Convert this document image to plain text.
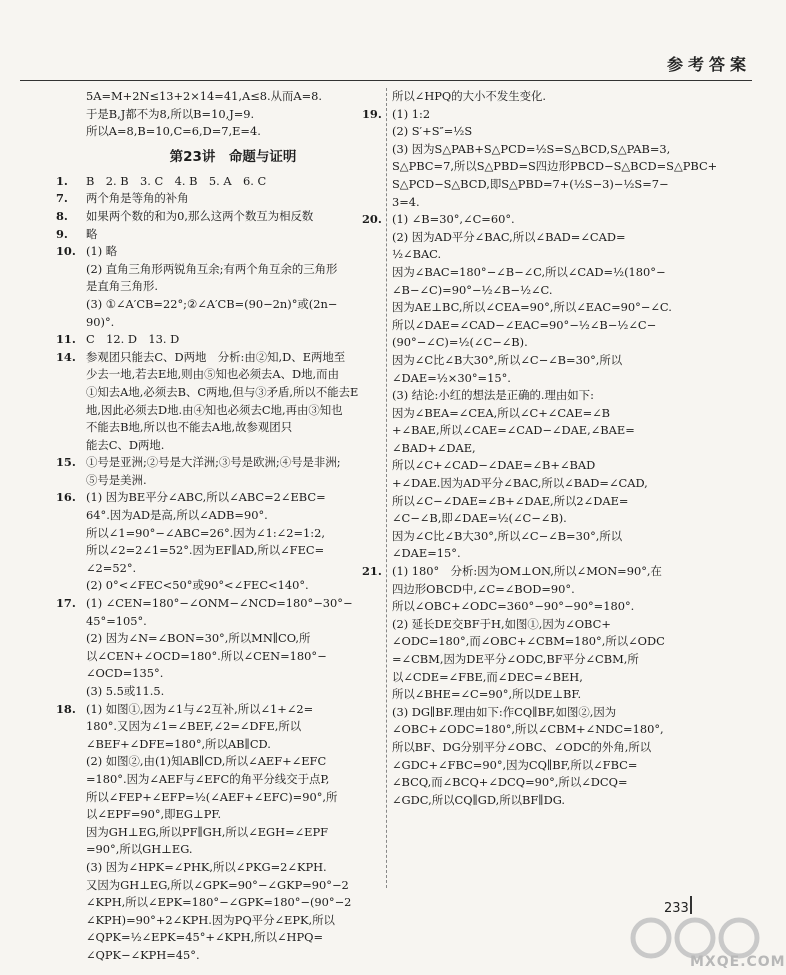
参考答案
5A=M+2N≤13+2×14=41,A≤8.从而A=8.
于是B,J都不为8,所以B=10,J=9.
所以A=8,B=10,C=6,D=7,E=4.
第23讲　命题与证明
1. B　2. B　3. C　4. B　5. A　6. C
7. 两个角是等角的补角
8. 如果两个数的和为0,那么这两个数互为相反数
9. 略
10. (1) 略
(2) 直角三角形两锐角互余;有两个角互余的三角形
是直角三角形.
(3) ①∠A′CB=22°;②∠A′CB=(90−2n)°或(2n−
90)°.
11. C　12. D　13. D
14. 参观团只能去C、D两地　分析:由②知,D、E两地至
少去一地,若去E地,则由⑤知也必须去A、D地,而由
①知去A地,必须去B、C两地,但与③矛盾,所以不能去E
地,因此必须去D地.由④知也必须去C地,再由③知也
不能去B地,所以也不能去A地,故参观团只
能去C、D两地.
15. ①号是亚洲;②号是大洋洲;③号是欧洲;④号是非洲;
⑤号是美洲.
16. (1) 因为BE平分∠ABC,所以∠ABC=2∠EBC=
64°.因为AD是高,所以∠ADB=90°.
所以∠1=90°−∠ABC=26°.因为∠1:∠2=1:2,
所以∠2=2∠1=52°.因为EF∥AD,所以∠FEC=
∠2=52°.
(2) 0°<∠FEC<50°或90°<∠FEC<140°.
17. (1) ∠CEN=180°−∠ONM−∠NCD=180°−30°−
45°=105°.
(2) 因为∠N=∠BON=30°,所以MN∥CO,所
以∠CEN+∠OCD=180°.所以∠CEN=180°−
∠OCD=135°.
(3) 5.5或11.5.
18. (1) 如图①,因为∠1与∠2互补,所以∠1+∠2=
180°.又因为∠1=∠BEF,∠2=∠DFE,所以
∠BEF+∠DFE=180°,所以AB∥CD.
(2) 如图②,由(1)知AB∥CD,所以∠AEF+∠EFC
=180°.因为∠AEF与∠EFC的角平分线交于点P,
所以∠FEP+∠EFP=½(∠AEF+∠EFC)=90°,所
以∠EPF=90°,即EG⊥PF.
因为GH⊥EG,所以PF∥GH,所以∠EGH=∠EPF
=90°,所以GH⊥EG.
(3) 因为∠HPK=∠PHK,所以∠PKG=2∠KPH.
又因为GH⊥EG,所以∠GPK=90°−∠GKP=90°−2
∠KPH,所以∠EPK=180°−∠GPK=180°−(90°−2
∠KPH)=90°+2∠KPH.因为PQ平分∠EPK,所以
∠QPK=½∠EPK=45°+∠KPH,所以∠HPQ=
∠QPK−∠KPH=45°.
所以∠HPQ的大小不发生变化.
19. (1) 1:2
(2) S′+S″=½S
(3) 因为S△PAB+S△PCD=½S=S△BCD,S△PAB=3,
S△PBC=7,所以S△PBD=S四边形PBCD−S△BCD=S△PBC+
S△PCD−S△BCD,即S△PBD=7+(½S−3)−½S=7−
3=4.
20. (1) ∠B=30°,∠C=60°.
(2) 因为AD平分∠BAC,所以∠BAD=∠CAD=
½∠BAC.
因为∠BAC=180°−∠B−∠C,所以∠CAD=½(180°−
∠B−∠C)=90°−½∠B−½∠C.
因为AE⊥BC,所以∠CEA=90°,所以∠EAC=90°−∠C.
所以∠DAE=∠CAD−∠EAC=90°−½∠B−½∠C−
(90°−∠C)=½(∠C−∠B).
因为∠C比∠B大30°,所以∠C−∠B=30°,所以
∠DAE=½×30°=15°.
(3) 结论:小红的想法是正确的.理由如下:
因为∠BEA=∠CEA,所以∠C+∠CAE=∠B
+∠BAE,所以∠CAE=∠CAD−∠DAE,∠BAE=
∠BAD+∠DAE,
所以∠C+∠CAD−∠DAE=∠B+∠BAD
+∠DAE.因为AD平分∠BAC,所以∠BAD=∠CAD,
所以∠C−∠DAE=∠B+∠DAE,所以2∠DAE=
∠C−∠B,即∠DAE=½(∠C−∠B).
因为∠C比∠B大30°,所以∠C−∠B=30°,所以
∠DAE=15°.
21. (1) 180°　分析:因为OM⊥ON,所以∠MON=90°,在
四边形OBCD中,∠C=∠BOD=90°.
所以∠OBC+∠ODC=360°−90°−90°=180°.
(2) 延长DE交BF于H,如图①,因为∠OBC+
∠ODC=180°,而∠OBC+∠CBM=180°,所以∠ODC
=∠CBM,因为DE平分∠ODC,BF平分∠CBM,所
以∠CDE=∠FBE,而∠DEC=∠BEH,
所以∠BHE=∠C=90°,所以DE⊥BF.
(3) DG∥BF.理由如下:作CQ∥BF,如图②,因为
∠OBC+∠ODC=180°,所以∠CBM+∠NDC=180°,
所以BF、DG分别平分∠OBC、∠ODC的外角,所以
∠GDC+∠FBC=90°,因为CQ∥BF,所以∠FBC=
∠BCQ,而∠BCQ+∠DCQ=90°,所以∠DCQ=
∠GDC,所以CQ∥GD,所以BF∥DG.
233
MXQE.COM
